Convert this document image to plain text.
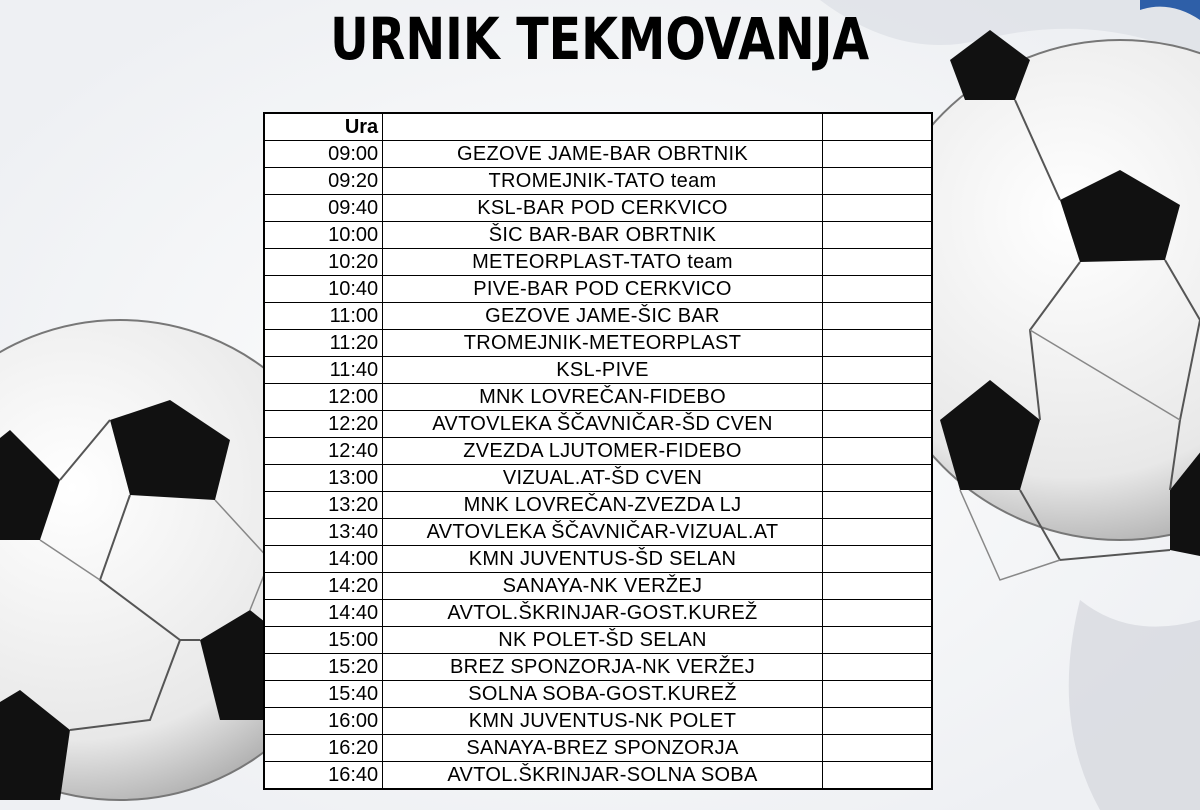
URNIK TEKMOVANJA
Ura		
09:00	GEZOVE JAME-BAR OBRTNIK	
09:20	TROMEJNIK-TATO team	
09:40	KSL-BAR POD CERKVICO	
10:00	ŠIC BAR-BAR OBRTNIK	
10:20	METEORPLAST-TATO team	
10:40	PIVE-BAR POD CERKVICO	
11:00	GEZOVE JAME-ŠIC BAR	
11:20	TROMEJNIK-METEORPLAST	
11:40	KSL-PIVE	
12:00	MNK LOVREČAN-FIDEBO	
12:20	AVTOVLEKA ŠČAVNIČAR-ŠD CVEN	
12:40	ZVEZDA LJUTOMER-FIDEBO	
13:00	VIZUAL.AT-ŠD CVEN	
13:20	MNK LOVREČAN-ZVEZDA LJ	
13:40	AVTOVLEKA ŠČAVNIČAR-VIZUAL.AT	
14:00	KMN JUVENTUS-ŠD SELAN	
14:20	SANAYA-NK VERŽEJ	
14:40	AVTOL.ŠKRINJAR-GOST.KUREŽ	
15:00	NK POLET-ŠD SELAN	
15:20	BREZ SPONZORJA-NK VERŽEJ	
15:40	SOLNA SOBA-GOST.KUREŽ	
16:00	KMN JUVENTUS-NK POLET	
16:20	SANAYA-BREZ SPONZORJA	
16:40	AVTOL.ŠKRINJAR-SOLNA SOBA	
